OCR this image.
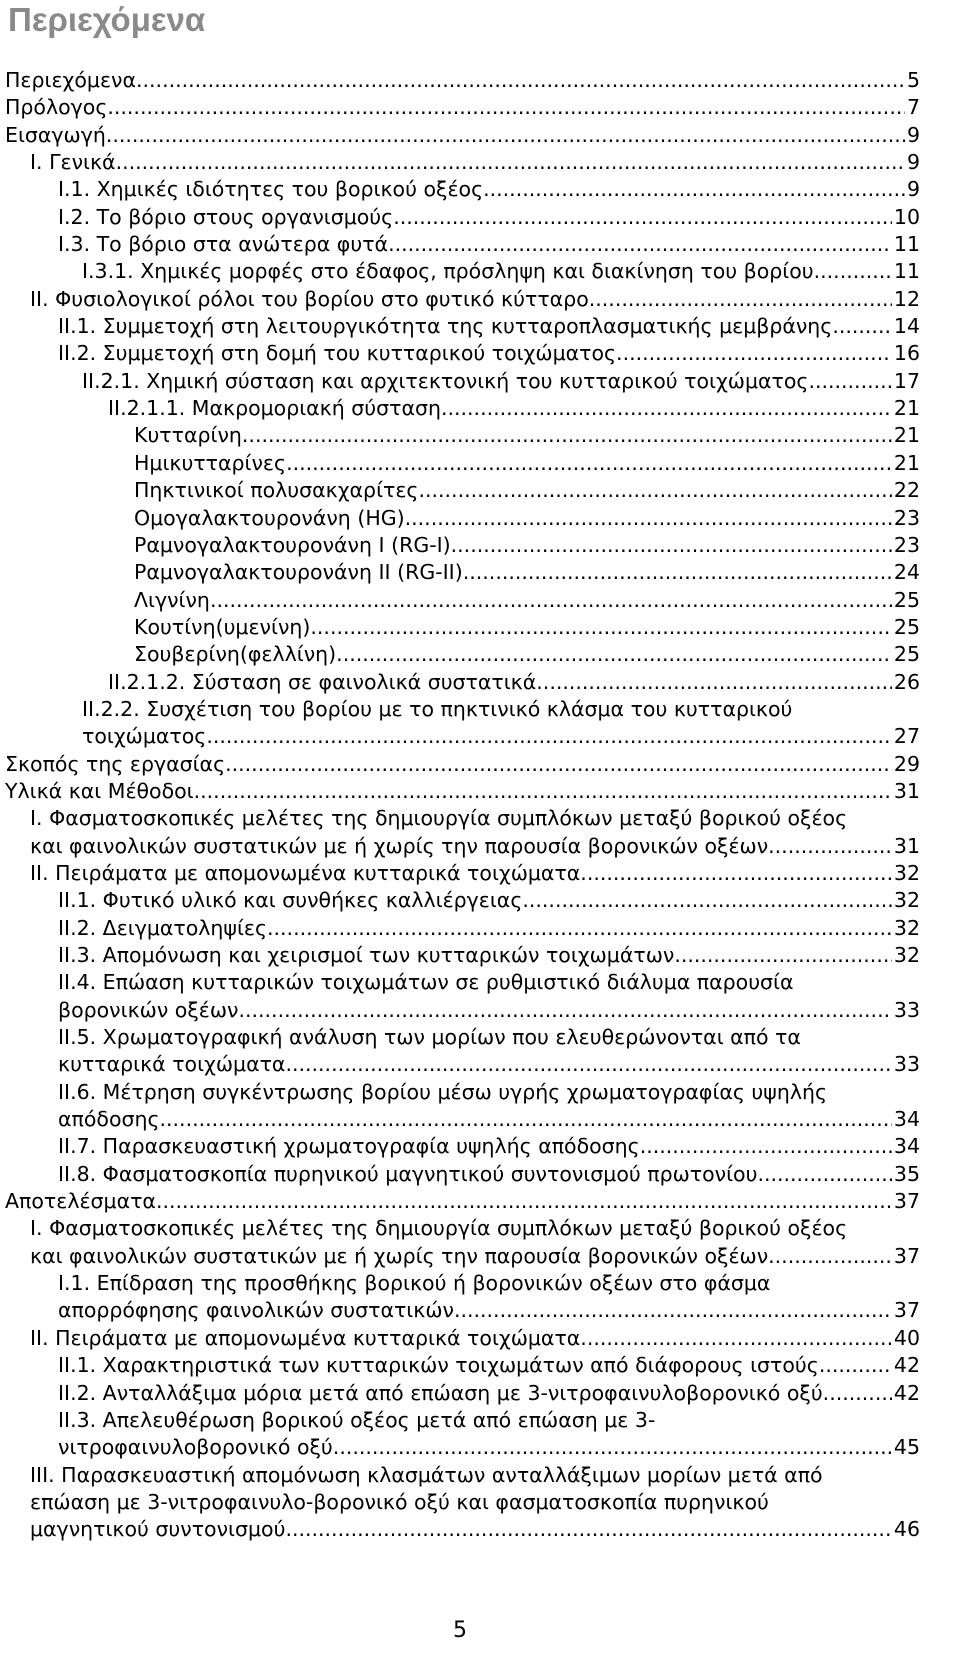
Περιεχόμενα
Περιεχόμενα .....	5
Πρόλογος .....	7
Εισαγωγή .....	9
I. Γενικά .....	9
I.1. Χημικές ιδιότητες του βορικού οξέος .....	9
I.2. Το βόριο στους οργανισμούς .....	10
I.3. Το βόριο στα ανώτερα φυτά .....	11
I.3.1. Χημικές μορφές στο έδαφος, πρόσληψη και διακίνηση του βορίου .....	11
II. Φυσιολογικοί ρόλοι του βορίου στο φυτικό κύτταρο .....	12
II.1. Συμμετοχή στη λειτουργικότητα της κυτταροπλασματικής μεμβράνης. .....	14
II.2. Συμμετοχή στη δομή του κυτταρικού τοιχώματος .....	16
II.2.1. Χημική σύσταση και αρχιτεκτονική του κυτταρικού τοιχώματος .....	17
II.2.1.1. Μακρομοριακή σύσταση .....	21
Κυτταρίνη .....	21
Ημικυτταρίνες .....	21
Πηκτινικοί πολυσακχαρίτες .....	22
Ομογαλακτουρονάνη (HG) .....	23
Ραμνογαλακτουρονάνη I (RG-I) .....	23
Ραμνογαλακτουρονάνη II (RG-II) .....	24
Λιγνίνη .....	25
Κουτίνη(υμενίνη) .....	25
Σουβερίνη(φελλίνη) .....	25
II.2.1.2. Σύσταση σε φαινολικά συστατικά .....	26
II.2.2. Συσχέτιση του βορίου με το πηκτινικό κλάσμα του κυτταρικού
τοιχώματος .....	27
Σκοπός της εργασίας .....	29
Υλικά και Μέθοδοι .....	31
I. Φασματοσκοπικές μελέτες της δημιουργία συμπλόκων μεταξύ βορικού οξέος
και φαινολικών συστατικών με ή χωρίς την παρουσία βορονικών οξέων .....	31
II. Πειράματα με απομονωμένα κυτταρικά τοιχώματα .....	32
II.1. Φυτικό υλικό και συνθήκες καλλιέργειας .....	32
II.2. Δειγματοληψίες .....	32
II.3. Απομόνωση και χειρισμοί των κυτταρικών τοιχωμάτων .....	32
II.4. Επώαση κυτταρικών τοιχωμάτων σε ρυθμιστικό διάλυμα παρουσία
βορονικών οξέων .....	33
II.5. Χρωματογραφική ανάλυση των μορίων που ελευθερώνονται από τα
κυτταρικά τοιχώματα .....	33
II.6. Μέτρηση συγκέντρωσης βορίου μέσω υγρής χρωματογραφίας υψηλής
απόδοσης .....	34
II.7. Παρασκευαστική χρωματογραφία υψηλής απόδοσης .....	34
II.8. Φασματοσκοπία πυρηνικού μαγνητικού συντονισμού πρωτονίου .....	35
Αποτελέσματα .....	37
I. Φασματοσκοπικές μελέτες της δημιουργία συμπλόκων μεταξύ βορικού οξέος
και φαινολικών συστατικών με ή χωρίς την παρουσία βορονικών οξέων .....	37
I.1. Επίδραση της προσθήκης βορικού ή βορονικών οξέων στο φάσμα
απορρόφησης φαινολικών συστατικών .....	37
II. Πειράματα με απομονωμένα κυτταρικά τοιχώματα .....	40
II.1. Χαρακτηριστικά των κυτταρικών τοιχωμάτων από διάφορους ιστούς .....	42
II.2. Ανταλλάξιμα μόρια μετά από επώαση με 3-νιτροφαινυλοβορονικό οξύ. .....	42
II.3. Απελευθέρωση βορικού οξέος μετά από επώαση με 3-
νιτροφαινυλοβορονικό οξύ .....	45
III. Παρασκευαστική απομόνωση κλασμάτων ανταλλάξιμων μορίων μετά από
επώαση με 3-νιτροφαινυλο-βορονικό οξύ και φασματοσκοπία πυρηνικού
μαγνητικού συντονισμού .....	46
5
